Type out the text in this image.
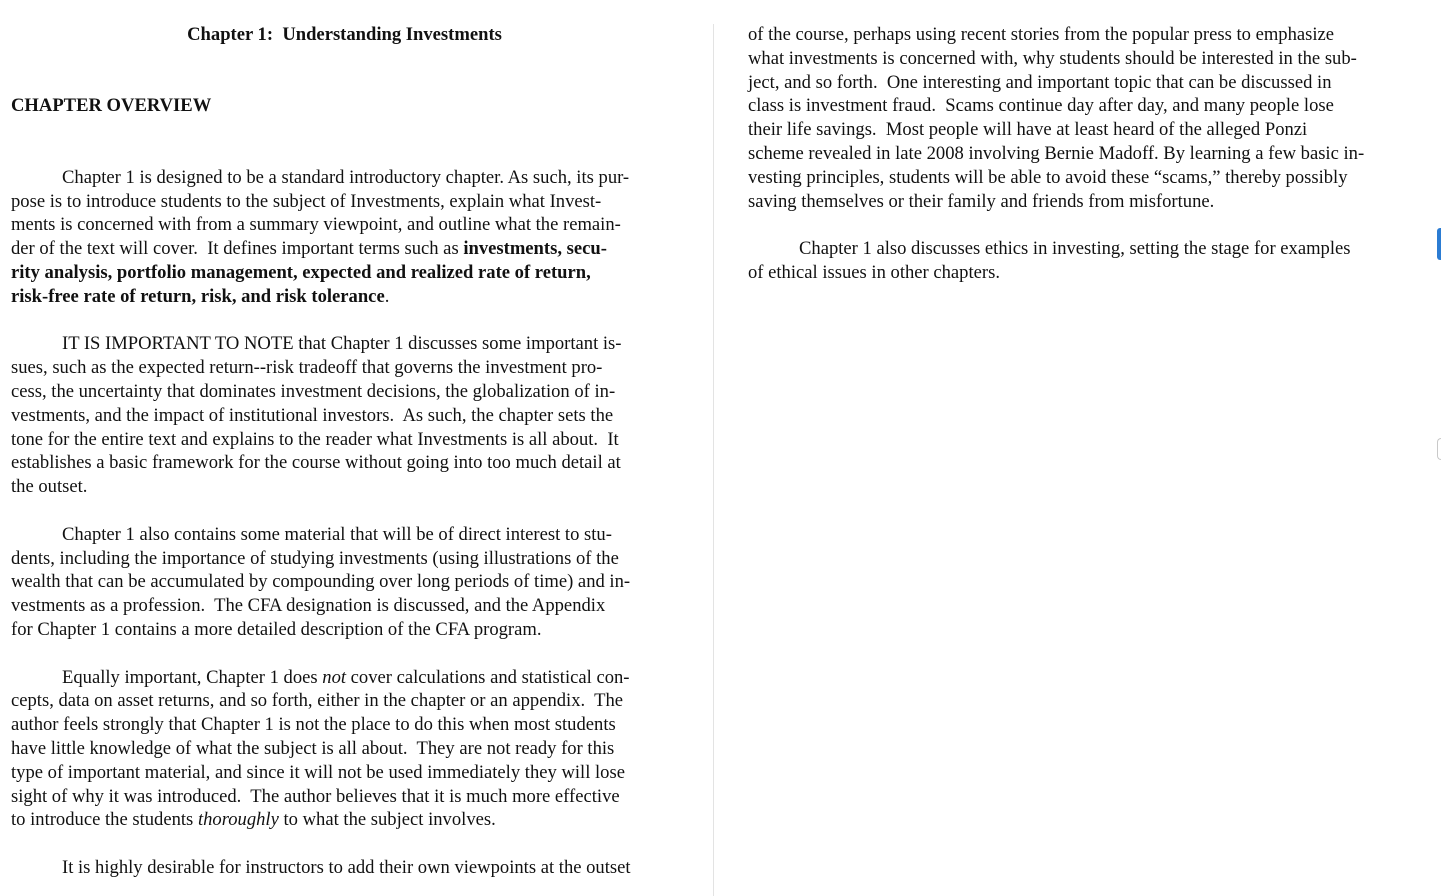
Chapter 1:  Understanding Investments
CHAPTER OVERVIEW
Chapter 1 is designed to be a standard introductory chapter. As such, its pur-
pose is to introduce students to the subject of Investments, explain what Invest-
ments is concerned with from a summary viewpoint, and outline what the remain-
der of the text will cover.  It defines important terms such as investments, secu-
rity analysis, portfolio management, expected and realized rate of return,
risk-free rate of return, risk, and risk tolerance.
IT IS IMPORTANT TO NOTE that Chapter 1 discusses some important is-
sues, such as the expected return--risk tradeoff that governs the investment pro-
cess, the uncertainty that dominates investment decisions, the globalization of in-
vestments, and the impact of institutional investors.  As such, the chapter sets the
tone for the entire text and explains to the reader what Investments is all about.  It
establishes a basic framework for the course without going into too much detail at
the outset.
Chapter 1 also contains some material that will be of direct interest to stu-
dents, including the importance of studying investments (using illustrations of the
wealth that can be accumulated by compounding over long periods of time) and in-
vestments as a profession.  The CFA designation is discussed, and the Appendix
for Chapter 1 contains a more detailed description of the CFA program.
Equally important, Chapter 1 does not cover calculations and statistical con-
cepts, data on asset returns, and so forth, either in the chapter or an appendix.  The
author feels strongly that Chapter 1 is not the place to do this when most students
have little knowledge of what the subject is all about.  They are not ready for this
type of important material, and since it will not be used immediately they will lose
sight of why it was introduced.  The author believes that it is much more effective
to introduce the students thoroughly to what the subject involves.
It is highly desirable for instructors to add their own viewpoints at the outset
of the course, perhaps using recent stories from the popular press to emphasize
what investments is concerned with, why students should be interested in the sub-
ject, and so forth.  One interesting and important topic that can be discussed in
class is investment fraud.  Scams continue day after day, and many people lose
their life savings.  Most people will have at least heard of the alleged Ponzi
scheme revealed in late 2008 involving Bernie Madoff. By learning a few basic in-
vesting principles, students will be able to avoid these “scams,” thereby possibly
saving themselves or their family and friends from misfortune.
Chapter 1 also discusses ethics in investing, setting the stage for examples
of ethical issues in other chapters.
